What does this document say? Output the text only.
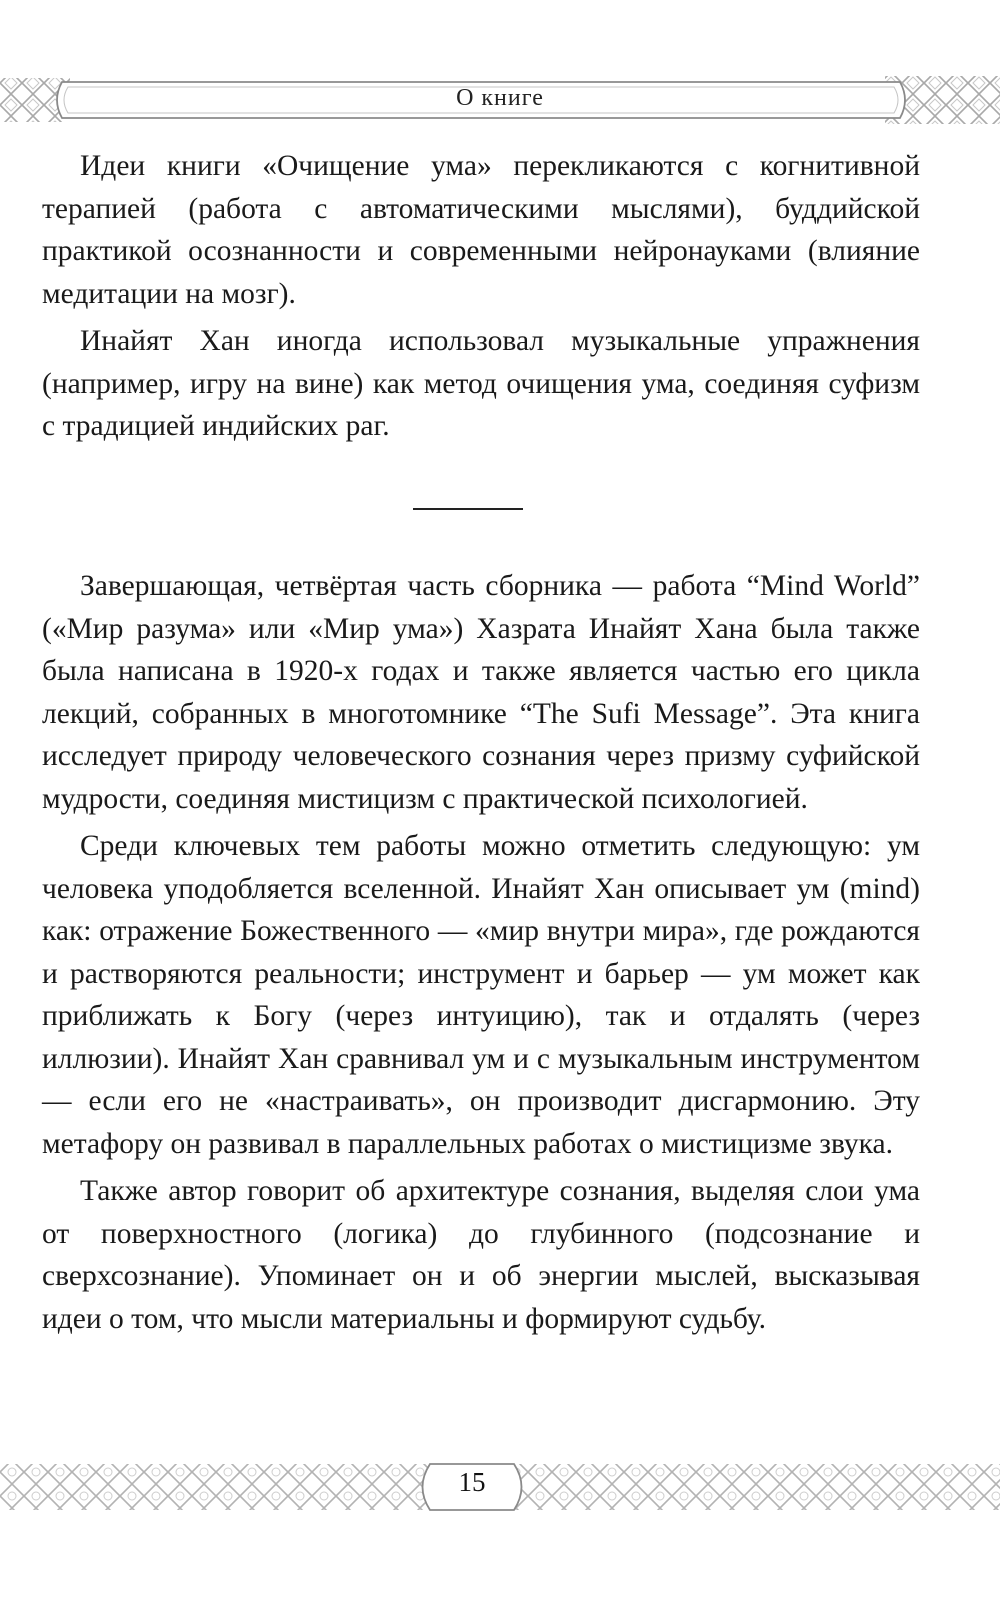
О книге

Идеи книги «Очищение ума» перекликаются с когнитивной терапией (работа с автоматическими мыслями), буддийской практикой осознанности и современными нейронауками (влияние медитации на мозг).

Инайят Хан иногда использовал музыкальные упражнения (например, игру на вине) как метод очищения ума, соединяя суфизм с традицией индийских раг.

Завершающая, четвёртая часть сборника — работа “Mind World” («Мир разума» или «Мир ума») Хазрата Инайят Хана была также была написана в 1920-х годах и также является частью его цикла лекций, собранных в многотомнике “The Sufi Message”. Эта книга исследует природу человеческого сознания через призму суфийской мудрости, соединяя мистицизм с практической психологией.

Среди ключевых тем работы можно отметить следующую: ум человека уподобляется вселенной. Инайят Хан описывает ум (mind) как: отражение Божественного — «мир внутри мира», где рождаются и растворяются реальности; инструмент и барьер — ум может как приближать к Богу (через интуицию), так и отдалять (через иллюзии). Инайят Хан сравнивал ум и с музыкальным инструментом — если его не «настраивать», он производит дисгармонию. Эту метафору он развивал в параллельных работах о мистицизме звука.

Также автор говорит об архитектуре сознания, выделяя слои ума от поверхностного (логика) до глубинного (подсознание и сверхсознание). Упоминает он и об энергии мыслей, высказывая идеи о том, что мысли материальны и формируют судьбу.

15
